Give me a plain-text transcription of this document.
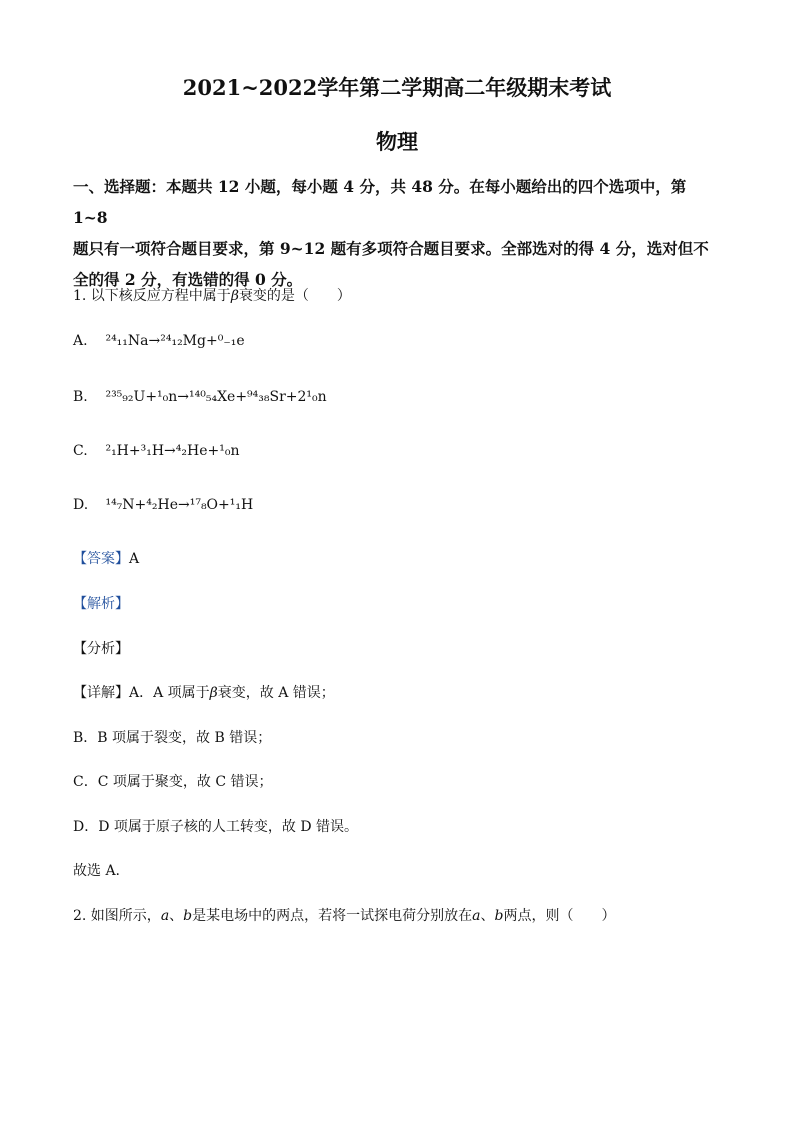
2021~2022学年第二学期高二年级期末考试
物理
一、选择题：本题共 12 小题，每小题 4 分，共 48 分。在每小题给出的四个选项中，第 1~8
题只有一项符合题目要求，第 9~12 题有多项符合题目要求。全部选对的得 4 分，选对但不
全的得 2 分，有选错的得 0 分。
1. 以下核反应方程中属于β衰变的是（　　）
A. ²⁴₁₁Na→²⁴₁₂Mg+⁰₋₁e
B. ²³⁵₉₂U+¹₀n→¹⁴⁰₅₄Xe+⁹⁴₃₈Sr+2¹₀n
C. ²₁H+³₁H→⁴₂He+¹₀n
D. ¹⁴₇N+⁴₂He→¹⁷₈O+¹₁H
【答案】A
【解析】
【分析】
【详解】A．A 项属于β衰变，故 A 错误；
B．B 项属于裂变，故 B 错误；
C．C 项属于聚变，故 C 错误；
D．D 项属于原子核的人工转变，故 D 错误。
故选 A.
2. 如图所示，a、b是某电场中的两点，若将一试探电荷分别放在a、b两点，则（　　）
